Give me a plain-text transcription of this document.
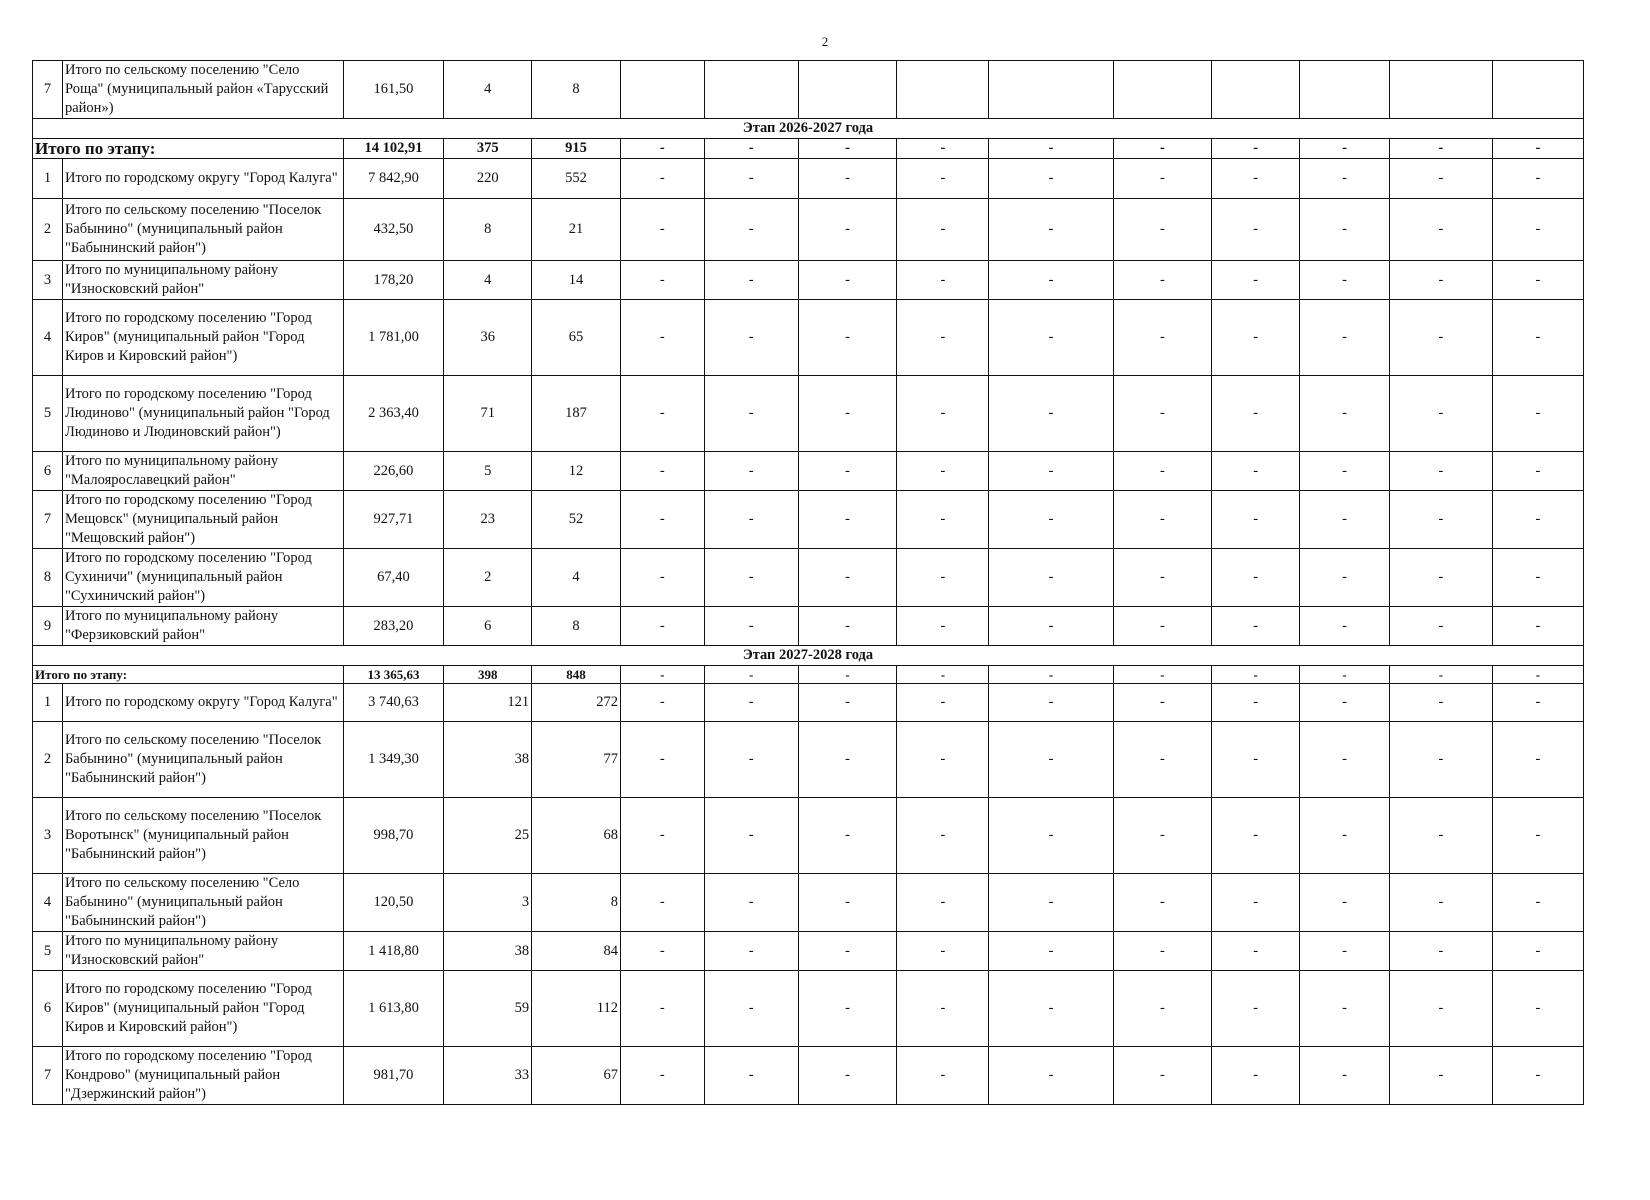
2
7	Итого по сельскому поселению "Село Роща" (муниципальный район «Тарусский район»)	161,50	4	8										
Этап 2026-2027 года														
Итого по этапу:		14 102,91	375	915	-	-	-	-	-	-	-	-	-	-
1	Итого по городскому округу "Город Калуга"	7 842,90	220	552	-	-	-	-	-	-	-	-	-	-
2	Итого по сельскому поселению "Поселок Бабынино" (муниципальный район "Бабынинский район")	432,50	8	21	-	-	-	-	-	-	-	-	-	-
3	Итого по муниципальному району "Износковский район"	178,20	4	14	-	-	-	-	-	-	-	-	-	-
4	Итого по городскому поселению "Город Киров" (муниципальный район "Город Киров и Кировский район")	1 781,00	36	65	-	-	-	-	-	-	-	-	-	-
5	Итого по городскому поселению "Город Людиново" (муниципальный район "Город Людиново и Людиновский район")	2 363,40	71	187	-	-	-	-	-	-	-	-	-	-
6	Итого по муниципальному району "Малоярославецкий район"	226,60	5	12	-	-	-	-	-	-	-	-	-	-
7	Итого по городскому поселению "Город Мещовск" (муниципальный район "Мещовский район")	927,71	23	52	-	-	-	-	-	-	-	-	-	-
8	Итого по городскому поселению "Город Сухиничи" (муниципальный район "Сухиничский район")	67,40	2	4	-	-	-	-	-	-	-	-	-	-
9	Итого по муниципальному району "Ферзиковский район"	283,20	6	8	-	-	-	-	-	-	-	-	-	-
Этап 2027-2028 года														
Итого по этапу:		13 365,63	398	848	-	-	-	-	-	-	-	-	-	-
1	Итого по городскому округу "Город Калуга"	3 740,63	121	272	-	-	-	-	-	-	-	-	-	-
2	Итого по сельскому поселению "Поселок Бабынино" (муниципальный район "Бабынинский район")	1 349,30	38	77	-	-	-	-	-	-	-	-	-	-
3	Итого по сельскому поселению "Поселок Воротынск" (муниципальный район "Бабынинский район")	998,70	25	68	-	-	-	-	-	-	-	-	-	-
4	Итого по сельскому поселению "Село Бабынино" (муниципальный район "Бабынинский район")	120,50	3	8	-	-	-	-	-	-	-	-	-	-
5	Итого по муниципальному району "Износковский район"	1 418,80	38	84	-	-	-	-	-	-	-	-	-	-
6	Итого по городскому поселению "Город Киров" (муниципальный район "Город Киров и Кировский район")	1 613,80	59	112	-	-	-	-	-	-	-	-	-	-
7	Итого по городскому поселению "Город Кондрово" (муниципальный район "Дзержинский район")	981,70	33	67	-	-	-	-	-	-	-	-	-	-
